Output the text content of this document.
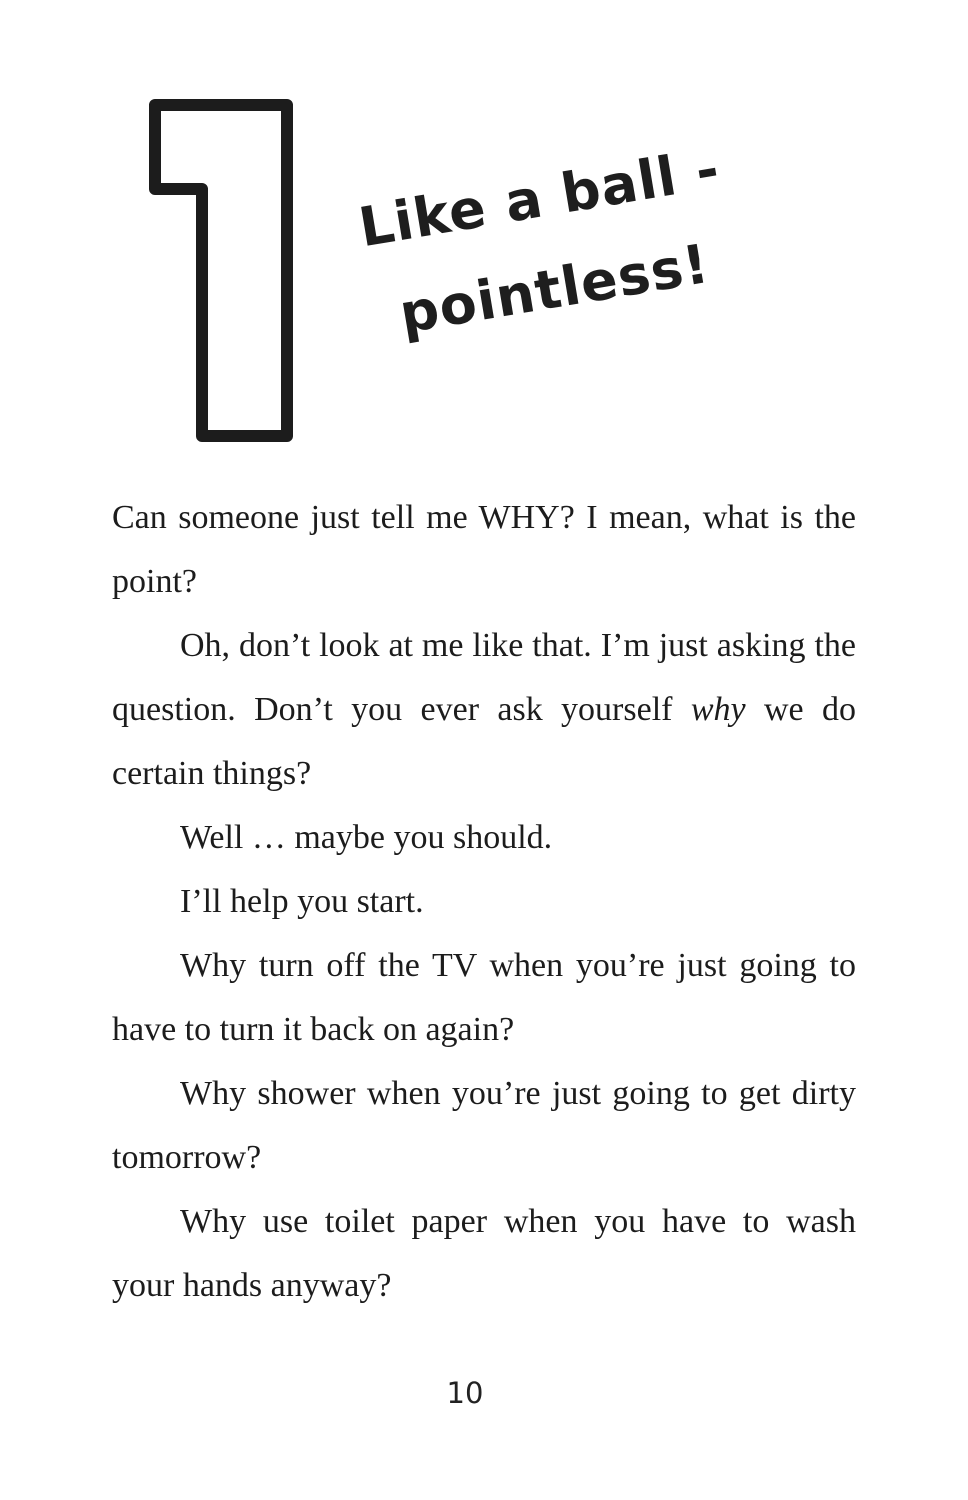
Like a ball -
pointless!

Can someone just tell me WHY? I mean, what is the point?

Oh, don’t look at me like that. I’m just asking the question. Don’t you ever ask yourself why we do certain things?

Well … maybe you should.

I’ll help you start.

Why turn off the TV when you’re just going to have to turn it back on again?

Why shower when you’re just going to get dirty tomorrow?

Why use toilet paper when you have to wash your hands anyway?

10
